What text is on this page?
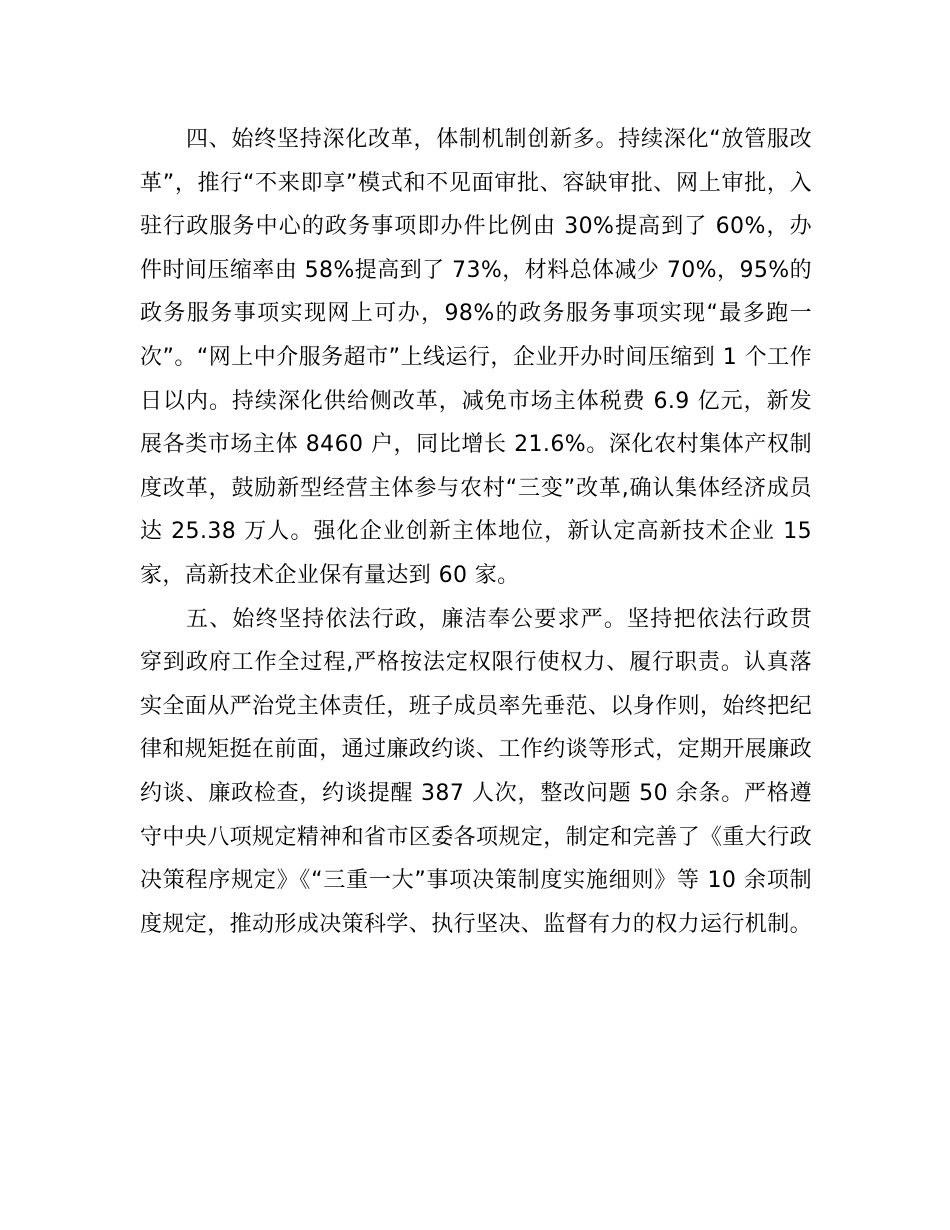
四、始终坚持深化改革，体制机制创新多。持续深化“放管服改革”，推行“不来即享”模式和不见面审批、容缺审批、网上审批，入驻行政服务中心的政务事项即办件比例由 30%提高到了 60%，办件时间压缩率由 58%提高到了 73%，材料总体减少 70%，95%的政务服务事项实现网上可办，98%的政务服务事项实现“最多跑一次”。“网上中介服务超市”上线运行，企业开办时间压缩到 1 个工作日以内。持续深化供给侧改革，减免市场主体税费 6.9 亿元，新发展各类市场主体 8460 户，同比增长 21.6%。深化农村集体产权制度改革，鼓励新型经营主体参与农村“三变”改革,确认集体经济成员达 25.38 万人。强化企业创新主体地位，新认定高新技术企业 15 家，高新技术企业保有量达到 60 家。

五、始终坚持依法行政，廉洁奉公要求严。坚持把依法行政贯穿到政府工作全过程,严格按法定权限行使权力、履行职责。认真落实全面从严治党主体责任，班子成员率先垂范、以身作则，始终把纪律和规矩挺在前面，通过廉政约谈、工作约谈等形式，定期开展廉政约谈、廉政检查，约谈提醒 387 人次，整改问题 50 余条。严格遵守中央八项规定精神和省市区委各项规定，制定和完善了《重大行政决策程序规定》《“三重一大”事项决策制度实施细则》等 10 余项制度规定，推动形成决策科学、执行坚决、监督有力的权力运行机制。
